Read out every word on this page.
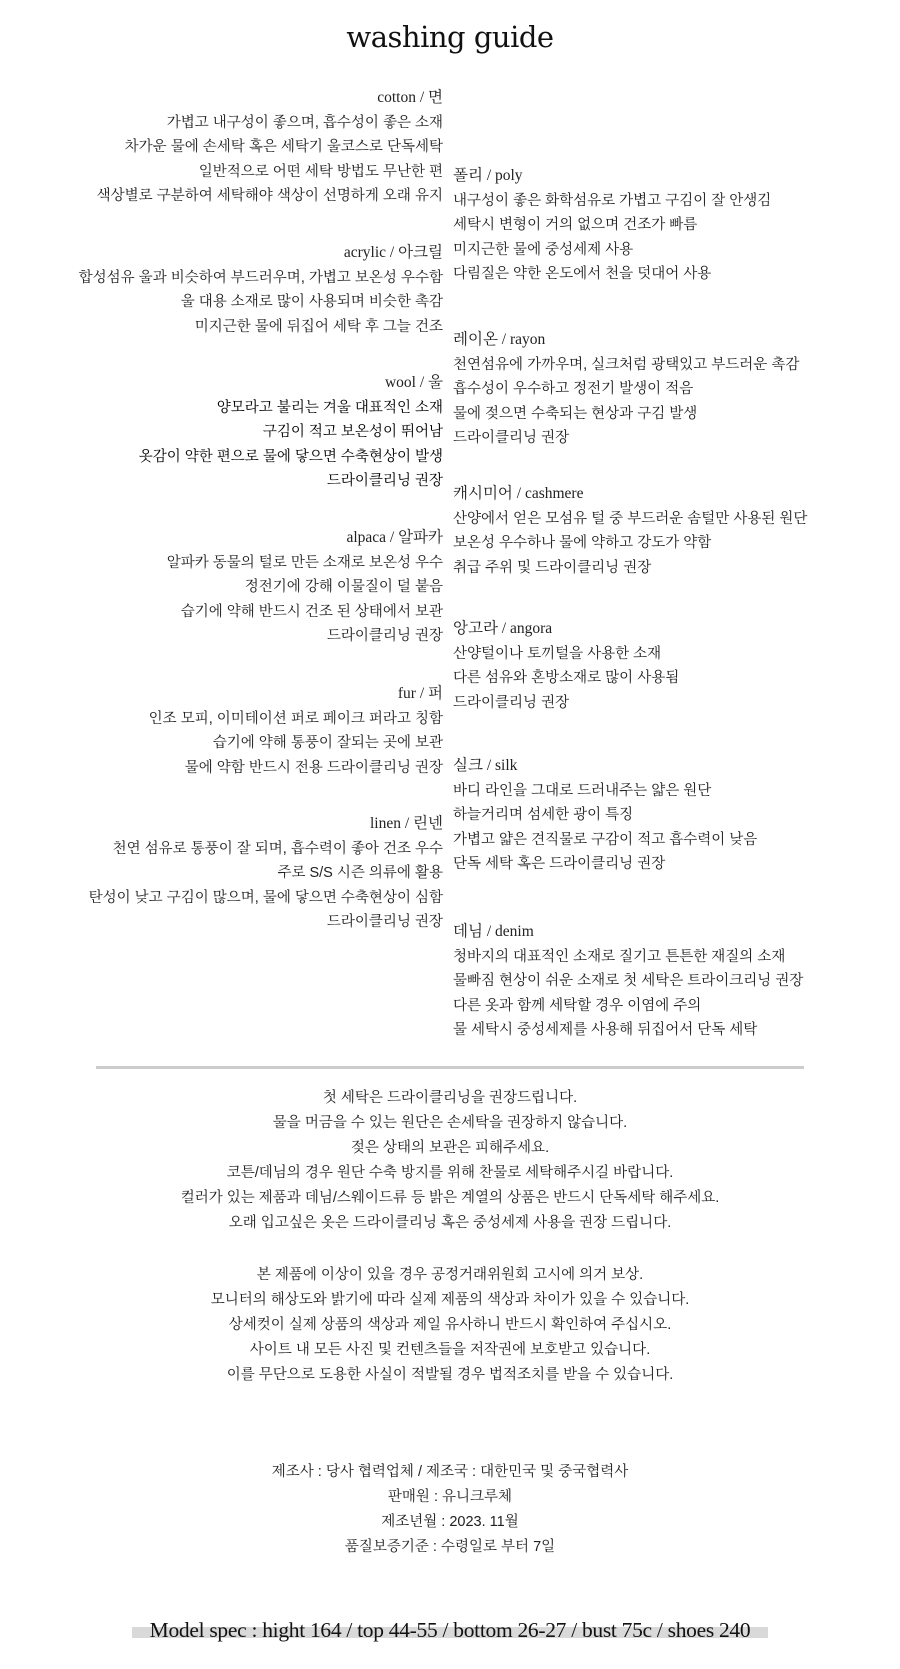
washing guide
cotton / 면
가볍고 내구성이 좋으며, 흡수성이 좋은 소재
차가운 물에 손세탁 혹은 세탁기 울코스로 단독세탁
일반적으로 어떤 세탁 방법도 무난한 편
색상별로 구분하여 세탁해야 색상이 선명하게 오래 유지
acrylic / 아크릴
합성섬유 울과 비슷하여 부드러우며, 가볍고 보온성 우수함
울 대용 소재로 많이 사용되며 비슷한 촉감
미지근한 물에 뒤집어 세탁 후 그늘 건조
wool / 울
양모라고 불리는 겨울 대표적인 소재
구김이 적고 보온성이 뛰어남
옷감이 약한 편으로 물에 닿으면 수축현상이 발생
드라이클리닝 권장
alpaca / 알파카
알파카 동물의 털로 만든 소재로 보온성 우수
정전기에 강해 이물질이 덜 붙음
습기에 약해 반드시 건조 된 상태에서 보관
드라이클리닝 권장
fur / 퍼
인조 모피, 이미테이션 퍼로 페이크 퍼라고 칭함
습기에 약해 통풍이 잘되는 곳에 보관
물에 약함 반드시 전용 드라이클리닝 권장
linen / 린넨
천연 섬유로 통풍이 잘 되며, 흡수력이 좋아 건조 우수
주로 S/S 시즌 의류에 활용
탄성이 낮고 구김이 많으며, 물에 닿으면 수축현상이 심함
드라이클리닝 권장
폴리 / poly
내구성이 좋은 화학섬유로 가볍고 구김이 잘 안생김
세탁시 변형이 거의 없으며 건조가 빠름
미지근한 물에 중성세제 사용
다림질은 약한 온도에서 천을 덧대어 사용
레이온 / rayon
천연섬유에 가까우며, 실크처럼 광택있고 부드러운 촉감
흡수성이 우수하고 정전기 발생이 적음
물에 젖으면 수축되는 현상과 구김 발생
드라이클리닝 권장
캐시미어 / cashmere
산양에서 얻은 모섬유 털 중 부드러운 솜털만 사용된 원단
보온성 우수하나 물에 약하고 강도가 약함
취급 주위 및 드라이클리닝 권장
앙고라 / angora
산양털이나 토끼털을 사용한 소재
다른 섬유와 혼방소재로 많이 사용됨
드라이클리닝 권장
실크 / silk
바디 라인을 그대로 드러내주는 얇은 원단
하늘거리며 섬세한 광이 특징
가볍고 얇은 견직물로 구감이 적고 흡수력이 낮음
단독 세탁 혹은 드라이클리닝 권장
데님 / denim
청바지의 대표적인 소재로 질기고 튼튼한 재질의 소재
물빠짐 현상이 쉬운 소재로 첫 세탁은 트라이크리닝 권장
다른 옷과 함께 세탁할 경우 이염에 주의
물 세탁시 중성세제를 사용해 뒤집어서 단독 세탁
첫 세탁은 드라이클리닝을 권장드립니다.
물을 머금을 수 있는 원단은 손세탁을 권장하지 않습니다.
젖은 상태의 보관은 피해주세요.
코튼/데님의 경우 원단 수축 방지를 위해 찬물로 세탁해주시길 바랍니다.
컬러가 있는 제품과 데님/스웨이드류 등 밝은 계열의 상품은 반드시 단독세탁 해주세요.
오래 입고싶은 옷은 드라이클리닝 혹은 중성세제 사용을 권장 드립니다.
본 제품에 이상이 있을 경우 공정거래위원회 고시에 의거 보상.
모니터의 해상도와 밝기에 따라 실제 제품의 색상과 차이가 있을 수 있습니다.
상세컷이 실제 상품의 색상과 제일 유사하니 반드시 확인하여 주십시오.
사이트 내 모든 사진 및 컨텐츠들을 저작권에 보호받고 있습니다.
이를 무단으로 도용한 사실이 적발될 경우 법적조치를 받을 수 있습니다.
제조사 : 당사 협력업체 / 제조국 : 대한민국 및 중국협력사
판매원 : 유니크루체
제조년월 : 2023. 11월
품질보증기준 : 수령일로 부터 7일
Model spec : hight 164 / top 44-55 / bottom 26-27 / bust 75c / shoes 240
